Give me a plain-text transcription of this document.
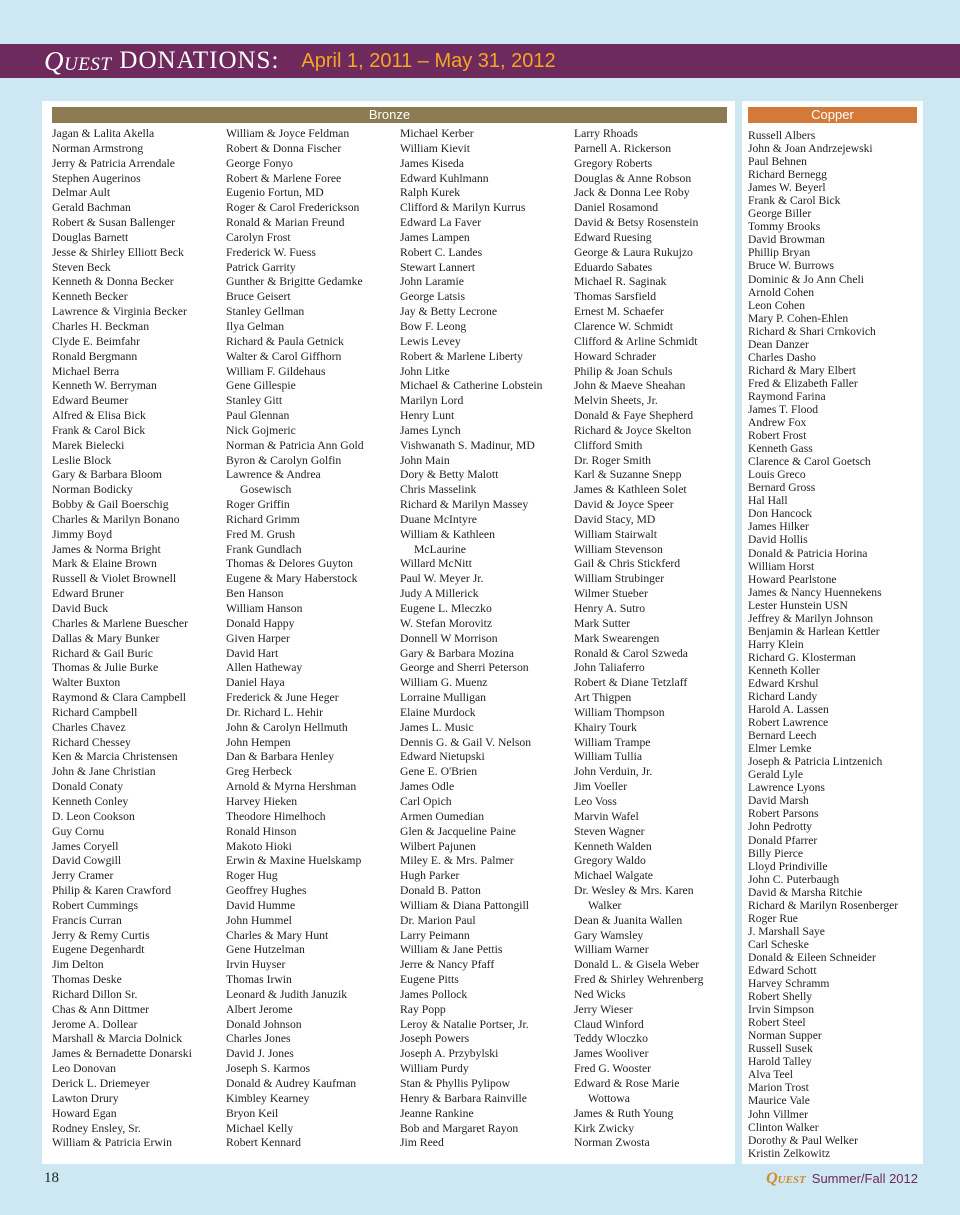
Quest DONATIONS: April 1, 2011 – May 31, 2012
Bronze	Copper
Jagan & Lalita Akella
Norman Armstrong
Jerry & Patricia Arrendale
Stephen Augerinos
Delmar Ault
Gerald Bachman
Robert & Susan Ballenger
Douglas Barnett
Jesse & Shirley Elliott Beck
Steven Beck
Kenneth & Donna Becker
Kenneth Becker
Lawrence & Virginia Becker
Charles H. Beckman
Clyde E. Beimfahr
Ronald Bergmann
Michael Berra
Kenneth W. Berryman
Edward Beumer
Alfred & Elisa Bick
Frank & Carol Bick
Marek Bielecki
Leslie Block
Gary & Barbara Bloom
Norman Bodicky
Bobby & Gail Boerschig
Charles & Marilyn Bonano
Jimmy Boyd
James & Norma Bright
Mark & Elaine Brown
Russell & Violet Brownell
Edward Bruner
David Buck
Charles & Marlene Buescher
Dallas & Mary Bunker
Richard & Gail Buric
Thomas & Julie Burke
Walter Buxton
Raymond & Clara Campbell
Richard Campbell
Charles Chavez
Richard Chessey
Ken & Marcia Christensen
John & Jane Christian
Donald Conaty
Kenneth Conley
D. Leon Cookson
Guy Cornu
James Coryell
David Cowgill
Jerry Cramer
Philip & Karen Crawford
Robert Cummings
Francis Curran
Jerry & Remy Curtis
Eugene Degenhardt
Jim Delton
Thomas Deske
Richard Dillon Sr.
Chas & Ann Dittmer
Jerome A. Dollear
Marshall & Marcia Dolnick
James & Bernadette Donarski
Leo Donovan
Derick L. Driemeyer
Lawton Drury
Howard Egan
Rodney Ensley, Sr.
William & Patricia Erwin
William & Joyce Feldman
Robert & Donna Fischer
George Fonyo
Robert & Marlene Foree
Eugenio Fortun, MD
Roger & Carol Frederickson
Ronald & Marian Freund
Carolyn Frost
Frederick W. Fuess
Patrick Garrity
Gunther & Brigitte Gedamke
Bruce Geisert
Stanley Gellman
Ilya Gelman
Richard & Paula Getnick
Walter & Carol Giffhorn
William F. Gildehaus
Gene Gillespie
Stanley Gitt
Paul Glennan
Nick Gojmeric
Norman & Patricia Ann Gold
Byron & Carolyn Golfin
Lawrence & Andrea
Gosewisch
Roger Griffin
Richard Grimm
Fred M. Grush
Frank Gundlach
Thomas & Delores Guyton
Eugene & Mary Haberstock
Ben Hanson
William Hanson
Donald Happy
Given Harper
David Hart
Allen Hatheway
Daniel Haya
Frederick & June Heger
Dr. Richard L. Hehir
John & Carolyn Hellmuth
John Hempen
Dan & Barbara Henley
Greg Herbeck
Arnold & Myrna Hershman
Harvey Hieken
Theodore Himelhoch
Ronald Hinson
Makoto Hioki
Erwin & Maxine Huelskamp
Roger Hug
Geoffrey Hughes
David Humme
John Hummel
Charles & Mary Hunt
Gene Hutzelman
Irvin Huyser
Thomas Irwin
Leonard & Judith Januzik
Albert Jerome
Donald Johnson
Charles Jones
David J. Jones
Joseph S. Karmos
Donald & Audrey Kaufman
Kimbley Kearney
Bryon Keil
Michael Kelly
Robert Kennard
Michael Kerber
William Kievit
James Kiseda
Edward Kuhlmann
Ralph Kurek
Clifford & Marilyn Kurrus
Edward La Faver
James Lampen
Robert C. Landes
Stewart Lannert
John Laramie
George Latsis
Jay & Betty Lecrone
Bow F. Leong
Lewis Levey
Robert & Marlene Liberty
John Litke
Michael & Catherine Lobstein
Marilyn Lord
Henry Lunt
James Lynch
Vishwanath S. Madinur, MD
John Main
Dory & Betty Malott
Chris Masselink
Richard & Marilyn Massey
Duane McIntyre
William & Kathleen
McLaurine
Willard McNitt
Paul W. Meyer Jr.
Judy A Millerick
Eugene L. Mleczko
W. Stefan Morovitz
Donnell W Morrison
Gary & Barbara Mozina
George and Sherri Peterson
William G. Muenz
Lorraine Mulligan
Elaine Murdock
James L. Music
Dennis G. & Gail V. Nelson
Edward Nietupski
Gene E. O'Brien
James Odle
Carl Opich
Armen Oumedian
Glen & Jacqueline Paine
Wilbert Pajunen
Miley E. & Mrs. Palmer
Hugh Parker
Donald B. Patton
William & Diana Pattongill
Dr. Marion Paul
Larry Peimann
William & Jane Pettis
Jerre & Nancy Pfaff
Eugene Pitts
James Pollock
Ray Popp
Leroy & Natalie Portser, Jr.
Joseph Powers
Joseph A. Przybylski
William Purdy
Stan & Phyllis Pylipow
Henry & Barbara Rainville
Jeanne Rankine
Bob and Margaret Rayon
Jim Reed
Larry Rhoads
Parnell A. Rickerson
Gregory Roberts
Douglas & Anne Robson
Jack & Donna Lee Roby
Daniel Rosamond
David & Betsy Rosenstein
Edward Ruesing
George & Laura Rukujzo
Eduardo Sabates
Michael R. Saginak
Thomas Sarsfield
Ernest M. Schaefer
Clarence W. Schmidt
Clifford & Arline Schmidt
Howard Schrader
Philip & Joan Schuls
John & Maeve Sheahan
Melvin Sheets, Jr.
Donald & Faye Shepherd
Richard & Joyce Skelton
Clifford Smith
Dr. Roger Smith
Karl & Suzanne Snepp
James & Kathleen Solet
David & Joyce Speer
David Stacy, MD
William Stairwalt
William Stevenson
Gail & Chris Stickferd
William Strubinger
Wilmer Stueber
Henry A. Sutro
Mark Sutter
Mark Swearengen
Ronald & Carol Szweda
John Taliaferro
Robert & Diane Tetzlaff
Art Thigpen
William Thompson
Khairy Tourk
William Trampe
William Tullia
John Verduin, Jr.
Jim Voeller
Leo Voss
Marvin Wafel
Steven Wagner
Kenneth Walden
Gregory Waldo
Michael Walgate
Dr. Wesley & Mrs. Karen
Walker
Dean & Juanita Wallen
Gary Wamsley
William Warner
Donald L. & Gisela Weber
Fred & Shirley Wehrenberg
Ned Wicks
Jerry Wieser
Claud Winford
Teddy Wloczko
James Wooliver
Fred G. Wooster
Edward & Rose Marie
Wottowa
James & Ruth Young
Kirk Zwicky
Norman Zwosta
Russell Albers
John & Joan Andrzejewski
Paul Behnen
Richard Bernegg
James W. Beyerl
Frank & Carol Bick
George Biller
Tommy Brooks
David Browman
Phillip Bryan
Bruce W. Burrows
Dominic & Jo Ann Cheli
Arnold Cohen
Leon Cohen
Mary P. Cohen-Ehlen
Richard & Shari Crnkovich
Dean Danzer
Charles Dasho
Richard & Mary Elbert
Fred & Elizabeth Faller
Raymond Farina
James T. Flood
Andrew Fox
Robert Frost
Kenneth Gass
Clarence & Carol Goetsch
Louis Greco
Bernard Gross
Hal Hall
Don Hancock
James Hilker
David Hollis
Donald & Patricia Horina
William Horst
Howard Pearlstone
James & Nancy Huennekens
Lester Hunstein USN
Jeffrey & Marilyn Johnson
Benjamin & Harlean Kettler
Harry Klein
Richard G. Klosterman
Kenneth Koller
Edward Krshul
Richard Landy
Harold A. Lassen
Robert Lawrence
Bernard Leech
Elmer Lemke
Joseph & Patricia Lintzenich
Gerald Lyle
Lawrence Lyons
David Marsh
Robert Parsons
John Pedrotty
Donald Pfarrer
Billy Pierce
Lloyd Prindiville
John C. Puterbaugh
David & Marsha Ritchie
Richard & Marilyn Rosenberger
Roger Rue
J. Marshall Saye
Carl Scheske
Donald & Eileen Schneider
Edward Schott
Harvey Schramm
Robert Shelly
Irvin Simpson
Robert Steel
Norman Supper
Russell Susek
Harold Talley
Alva Teel
Marion Trost
Maurice Vale
John Villmer
Clinton Walker
Dorothy & Paul Welker
Kristin Zelkowitz
18	Quest Summer/Fall 2012
